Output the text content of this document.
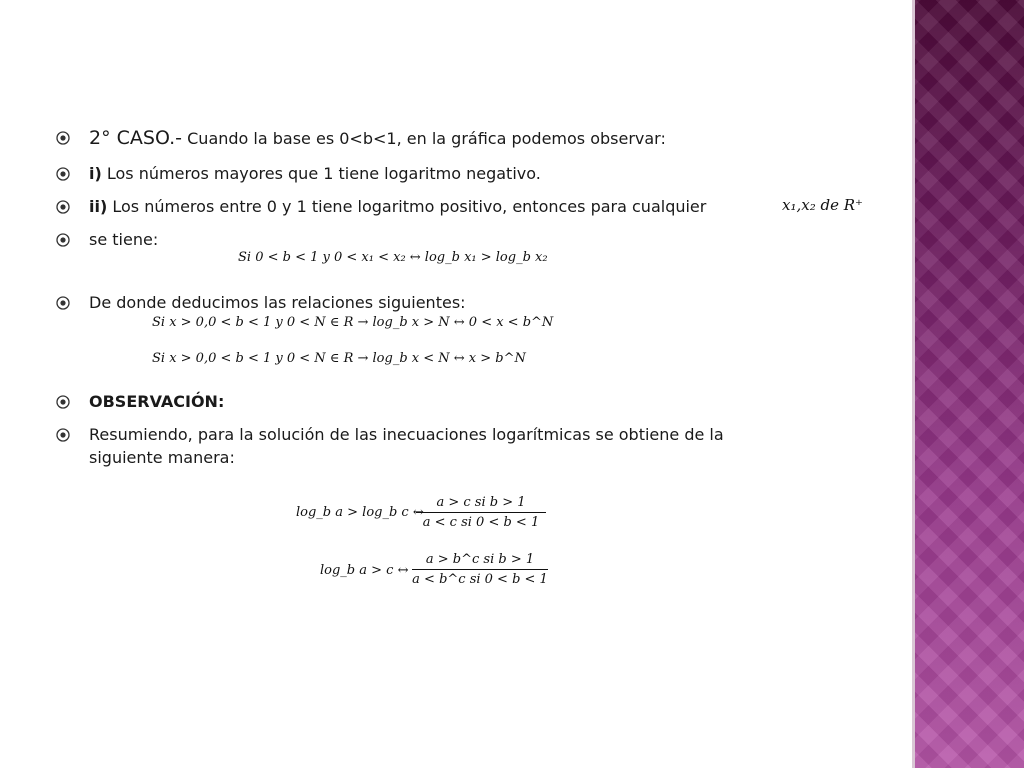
2° CASO.- Cuando la base es 0<b<1, en la gráfica podemos observar:
i) Los números mayores que 1 tiene logaritmo negativo.
ii) Los números entre 0 y 1 tiene logaritmo positivo, entonces para cualquier	x₁,x₂ de R⁺
se tiene:
Si 0 < b < 1 y 0 < x₁ < x₂ ↔ log_b x₁ > log_b x₂
De donde deducimos las relaciones siguientes:
Si x > 0,0 < b < 1 y 0 < N ∈ R → log_b x > N ↔ 0 < x < b^N
Si x > 0,0 < b < 1 y 0 < N ∈ R → log_b x < N ↔ x > b^N
OBSERVACIÓN:
Resumiendo, para la solución de las inecuaciones logarítmicas se obtiene de la
siguiente manera:
log_b a > log_b c ↔
a > c si b > 1
a < c si 0 < b < 1
log_b a > c ↔
a > b^c si b > 1
a < b^c si 0 < b < 1
